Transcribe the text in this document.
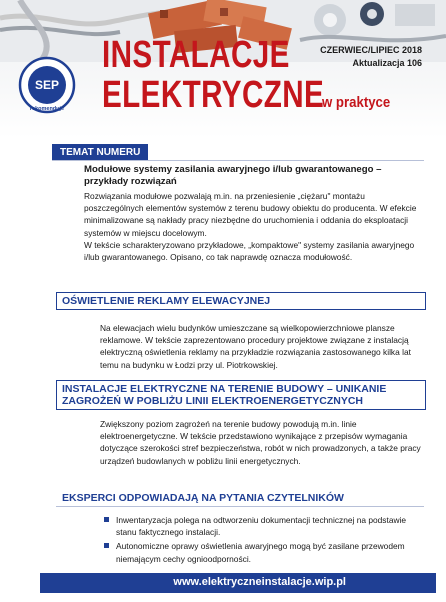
SEP
rekomenduje
INSTALACJE
ELEKTRYCZNE
w praktyce
CZERWIEC/LIPIEC 2018
Aktualizacja 106
TEMAT NUMERU

Modułowe systemy zasilania awaryjnego i/lub gwarantowanego – przykłady rozwiązań

Rozwiązania modułowe pozwalają m.in. na przeniesienie „ciężaru" montażu poszczególnych elementów systemów z terenu budowy obiektu do producenta. W efekcie minimalizowane są nakłady pracy niezbędne do uruchomienia i oddania do eksploatacji systemów w miejscu docelowym.

W tekście scharakteryzowano przykładowe, „kompaktowe" systemy zasilania awaryjnego i/lub gwarantowanego. Opisano, co tak naprawdę oznacza modułowość.

OŚWIETLENIE REKLAMY ELEWACYJNEJ

Na elewacjach wielu budynków umieszczane są wielkopowierzchniowe plansze reklamowe. W tekście zaprezentowano procedury projektowe związane z instalacją elektryczną oświetlenia reklamy na przykładzie rozwiązania zastosowanego kilka lat temu na budynku w Łodzi przy ul. Piotrkowskiej.

INSTALACJE ELEKTRYCZNE NA TERENIE BUDOWY – UNIKANIE
ZAGROŻEŃ W POBLIŻU LINII ELEKTROENERGETYCZNYCH

Zwiększony poziom zagrożeń na terenie budowy powodują m.in. linie elektroenergetyczne. W tekście przedstawiono wynikające z przepisów wymagania dotyczące szerokości stref bezpieczeństwa, robót w nich prowadzonych, a także pracy urządzeń budowlanych w pobliżu linii energetycznych.

EKSPERCI ODPOWIADAJĄ NA PYTANIA CZYTELNIKÓW
Inwentaryzacja polega na odtworzeniu dokumentacji technicznej na podstawie stanu faktycznego instalacji.
Autonomiczne oprawy oświetlenia awaryjnego mogą być zasilane przewodem niemającym cechy ognioodporności.
www.elektryczneinstalacje.wip.pl
